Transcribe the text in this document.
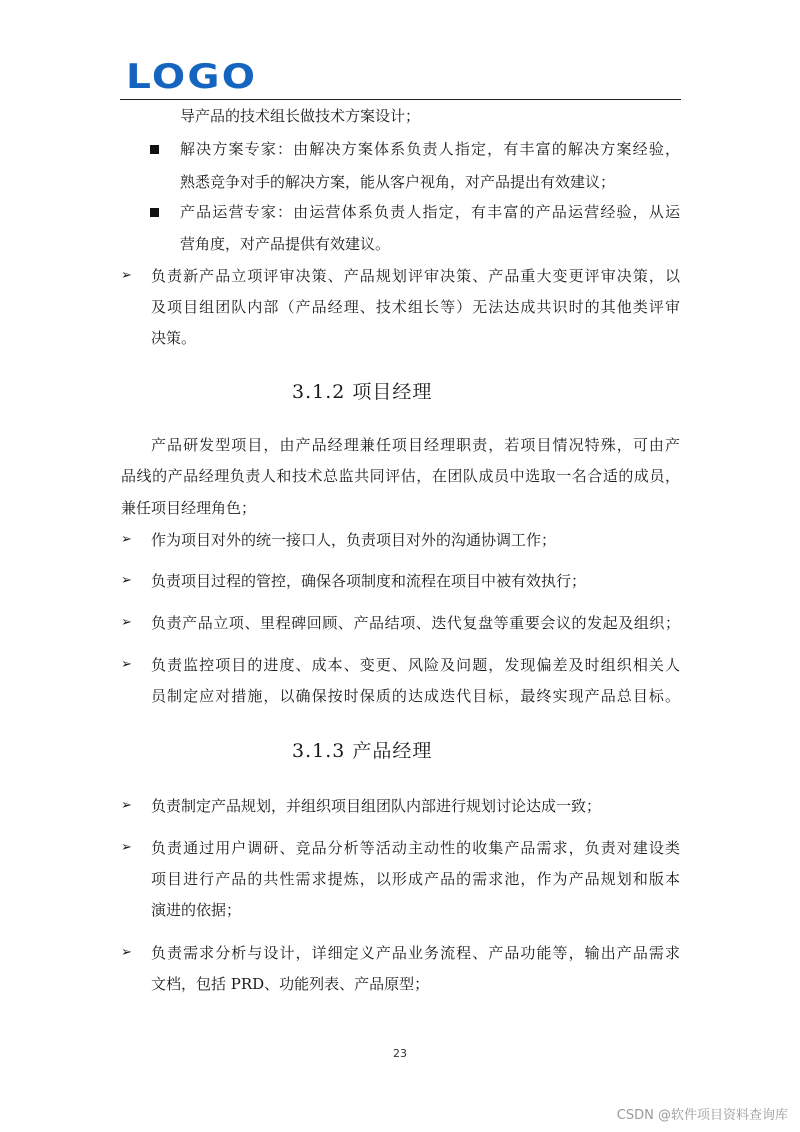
LOGO
导产品的技术组长做技术方案设计；
解决方案专家：由解决方案体系负责人指定，有丰富的解决方案经验，
熟悉竞争对手的解决方案，能从客户视角，对产品提出有效建议；
产品运营专家：由运营体系负责人指定，有丰富的产品运营经验，从运
营角度，对产品提供有效建议。
➢ 负责新产品立项评审决策、产品规划评审决策、产品重大变更评审决策，以
及项目组团队内部（产品经理、技术组长等）无法达成共识时的其他类评审
决策。
3.1.2 项目经理
产品研发型项目，由产品经理兼任项目经理职责，若项目情况特殊，可由产
品线的产品经理负责人和技术总监共同评估，在团队成员中选取一名合适的成员，
兼任项目经理角色；
➢ 作为项目对外的统一接口人，负责项目对外的沟通协调工作；
➢ 负责项目过程的管控，确保各项制度和流程在项目中被有效执行；
➢ 负责产品立项、里程碑回顾、产品结项、迭代复盘等重要会议的发起及组织；
➢ 负责监控项目的进度、成本、变更、风险及问题，发现偏差及时组织相关人
员制定应对措施，以确保按时保质的达成迭代目标，最终实现产品总目标。
3.1.3 产品经理
➢ 负责制定产品规划，并组织项目组团队内部进行规划讨论达成一致；
➢ 负责通过用户调研、竞品分析等活动主动性的收集产品需求，负责对建设类
项目进行产品的共性需求提炼，以形成产品的需求池，作为产品规划和版本
演进的依据；
➢ 负责需求分析与设计，详细定义产品业务流程、产品功能等，输出产品需求
文档，包括 PRD、功能列表、产品原型；
23
CSDN @软件项目资料查询库
